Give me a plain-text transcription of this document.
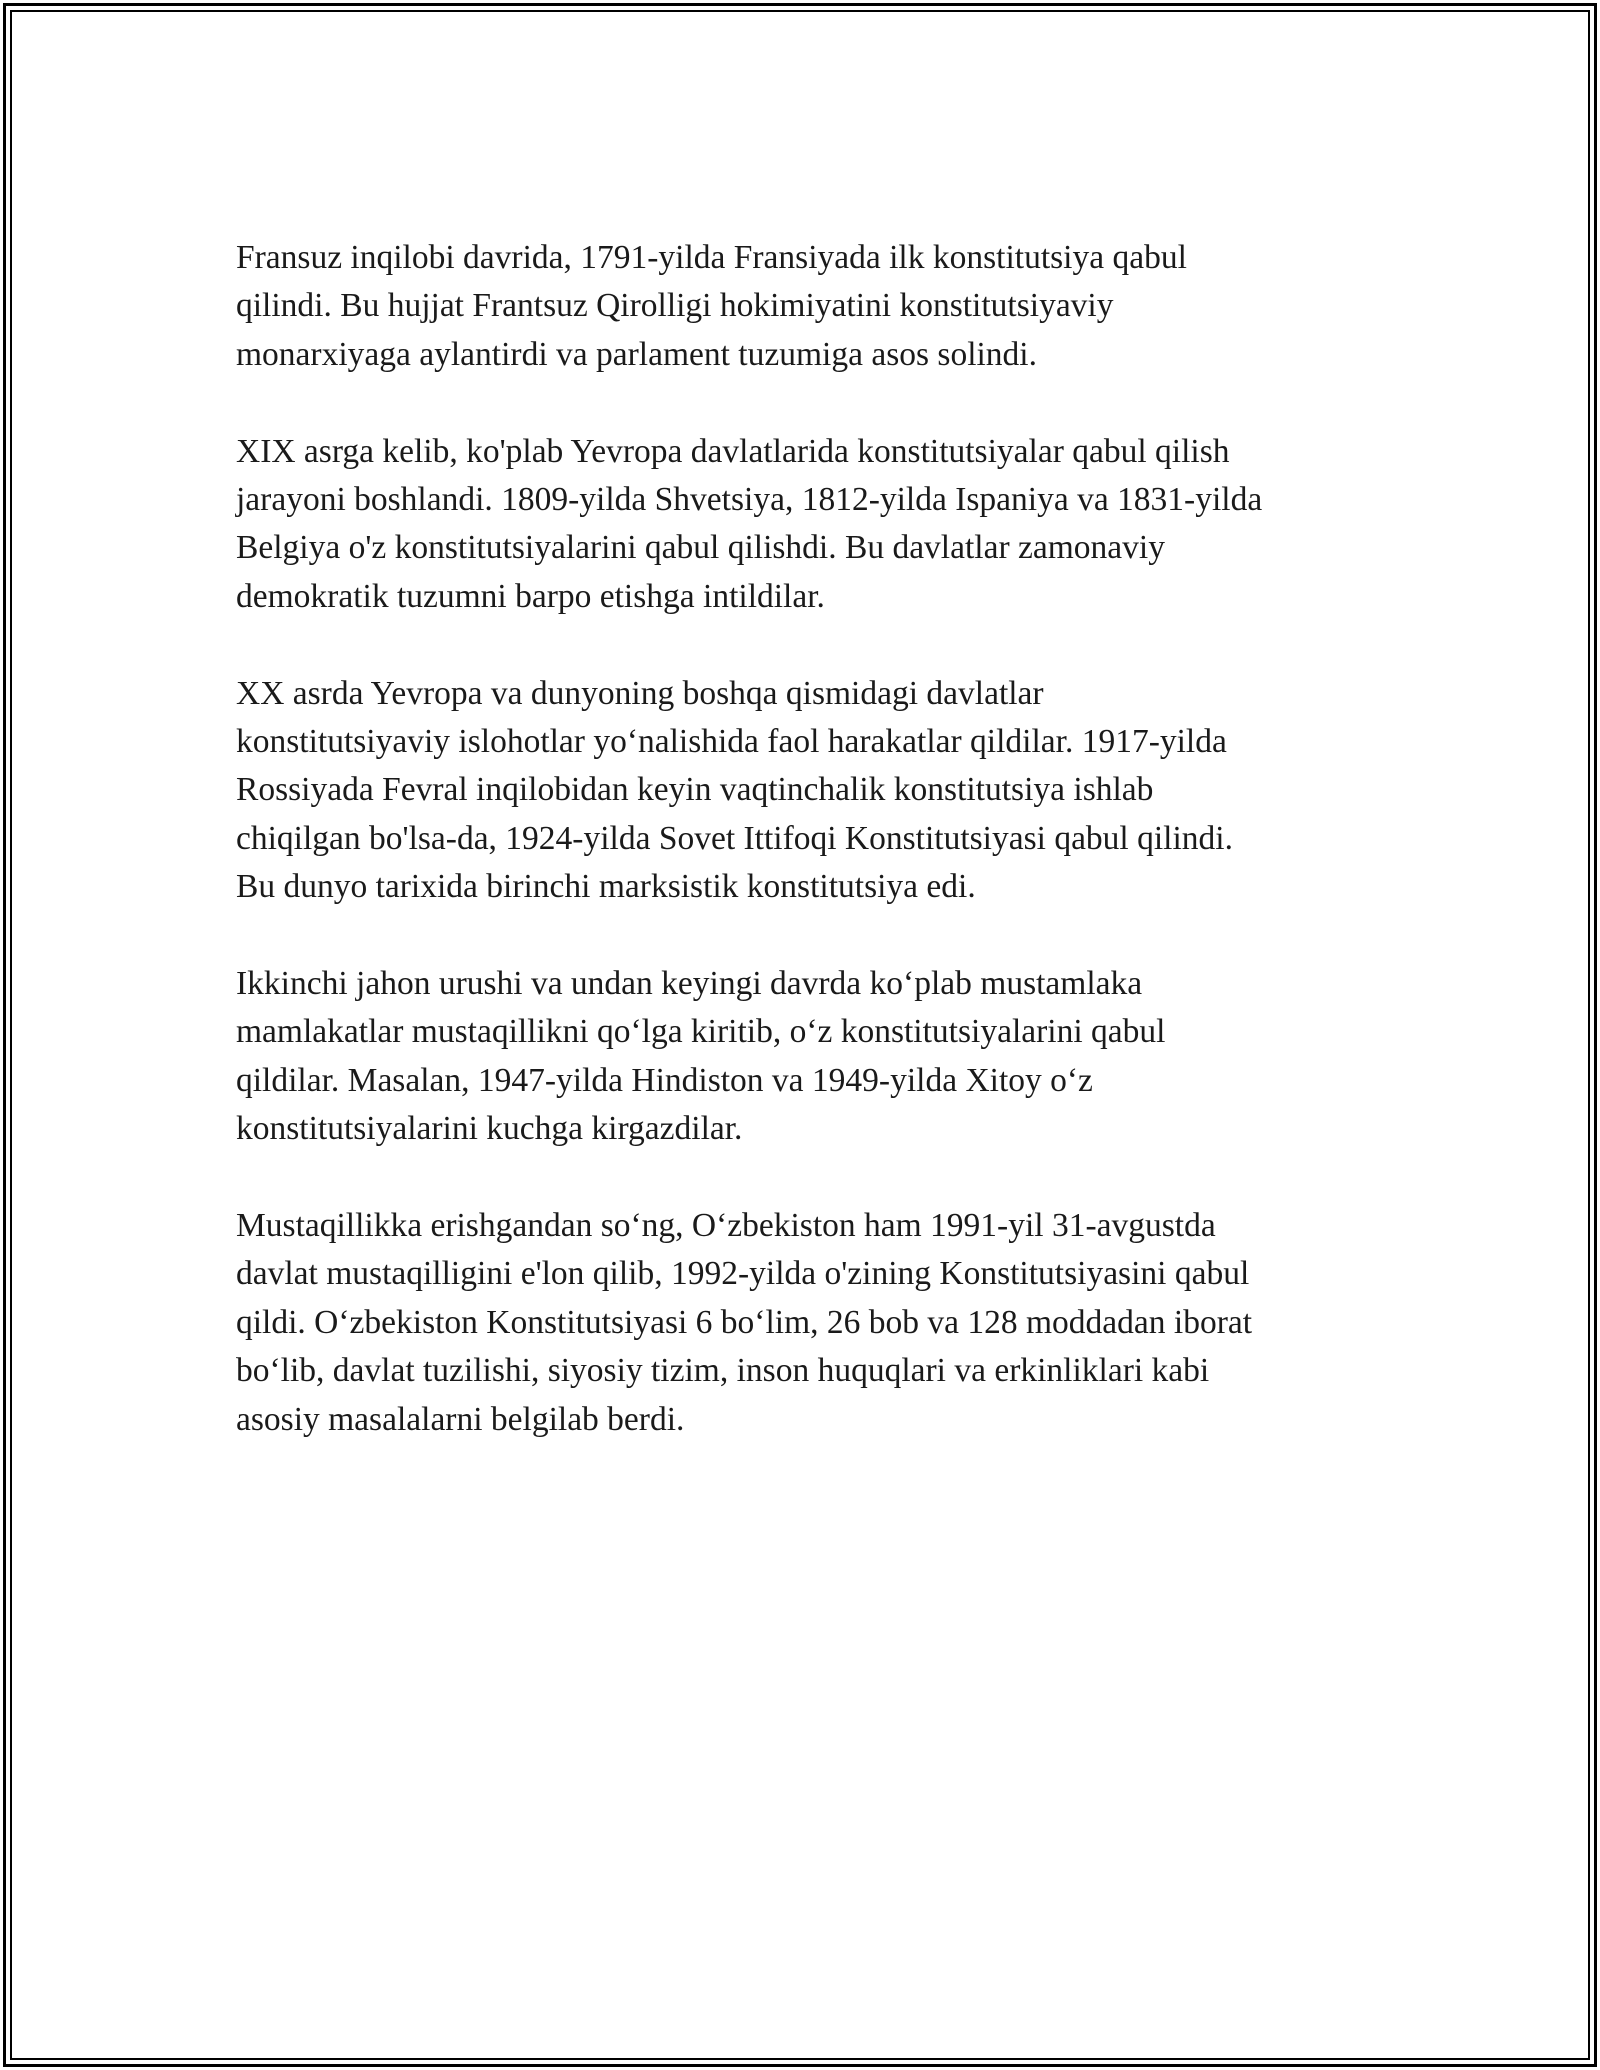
Fransuz inqilobi davrida, 1791-yilda Fransiyada ilk konstitutsiya qabul
qilindi. Bu hujjat Frantsuz Qirolligi hokimiyatini konstitutsiyaviy
monarxiyaga aylantirdi va parlament tuzumiga asos solindi.

XIX asrga kelib, ko'plab Yevropa davlatlarida konstitutsiyalar qabul qilish
jarayoni boshlandi. 1809-yilda Shvetsiya, 1812-yilda Ispaniya va 1831-yilda
Belgiya o'z konstitutsiyalarini qabul qilishdi. Bu davlatlar zamonaviy
demokratik tuzumni barpo etishga intildilar.

XX asrda Yevropa va dunyoning boshqa qismidagi davlatlar
konstitutsiyaviy islohotlar yoʻnalishida faol harakatlar qildilar. 1917-yilda
Rossiyada Fevral inqilobidan keyin vaqtinchalik konstitutsiya ishlab
chiqilgan bo'lsa-da, 1924-yilda Sovet Ittifoqi Konstitutsiyasi qabul qilindi.
Bu dunyo tarixida birinchi marksistik konstitutsiya edi.

Ikkinchi jahon urushi va undan keyingi davrda koʻplab mustamlaka
mamlakatlar mustaqillikni qoʻlga kiritib, oʻz konstitutsiyalarini qabul
qildilar. Masalan, 1947-yilda Hindiston va 1949-yilda Xitoy oʻz
konstitutsiyalarini kuchga kirgazdilar.

Mustaqillikka erishgandan soʻng, Oʻzbekiston ham 1991-yil 31-avgustda
davlat mustaqilligini e'lon qilib, 1992-yilda o'zining Konstitutsiyasini qabul
qildi. Oʻzbekiston Konstitutsiyasi 6 boʻlim, 26 bob va 128 moddadan iborat
boʻlib, davlat tuzilishi, siyosiy tizim, inson huquqlari va erkinliklari kabi
asosiy masalalarni belgilab berdi.
